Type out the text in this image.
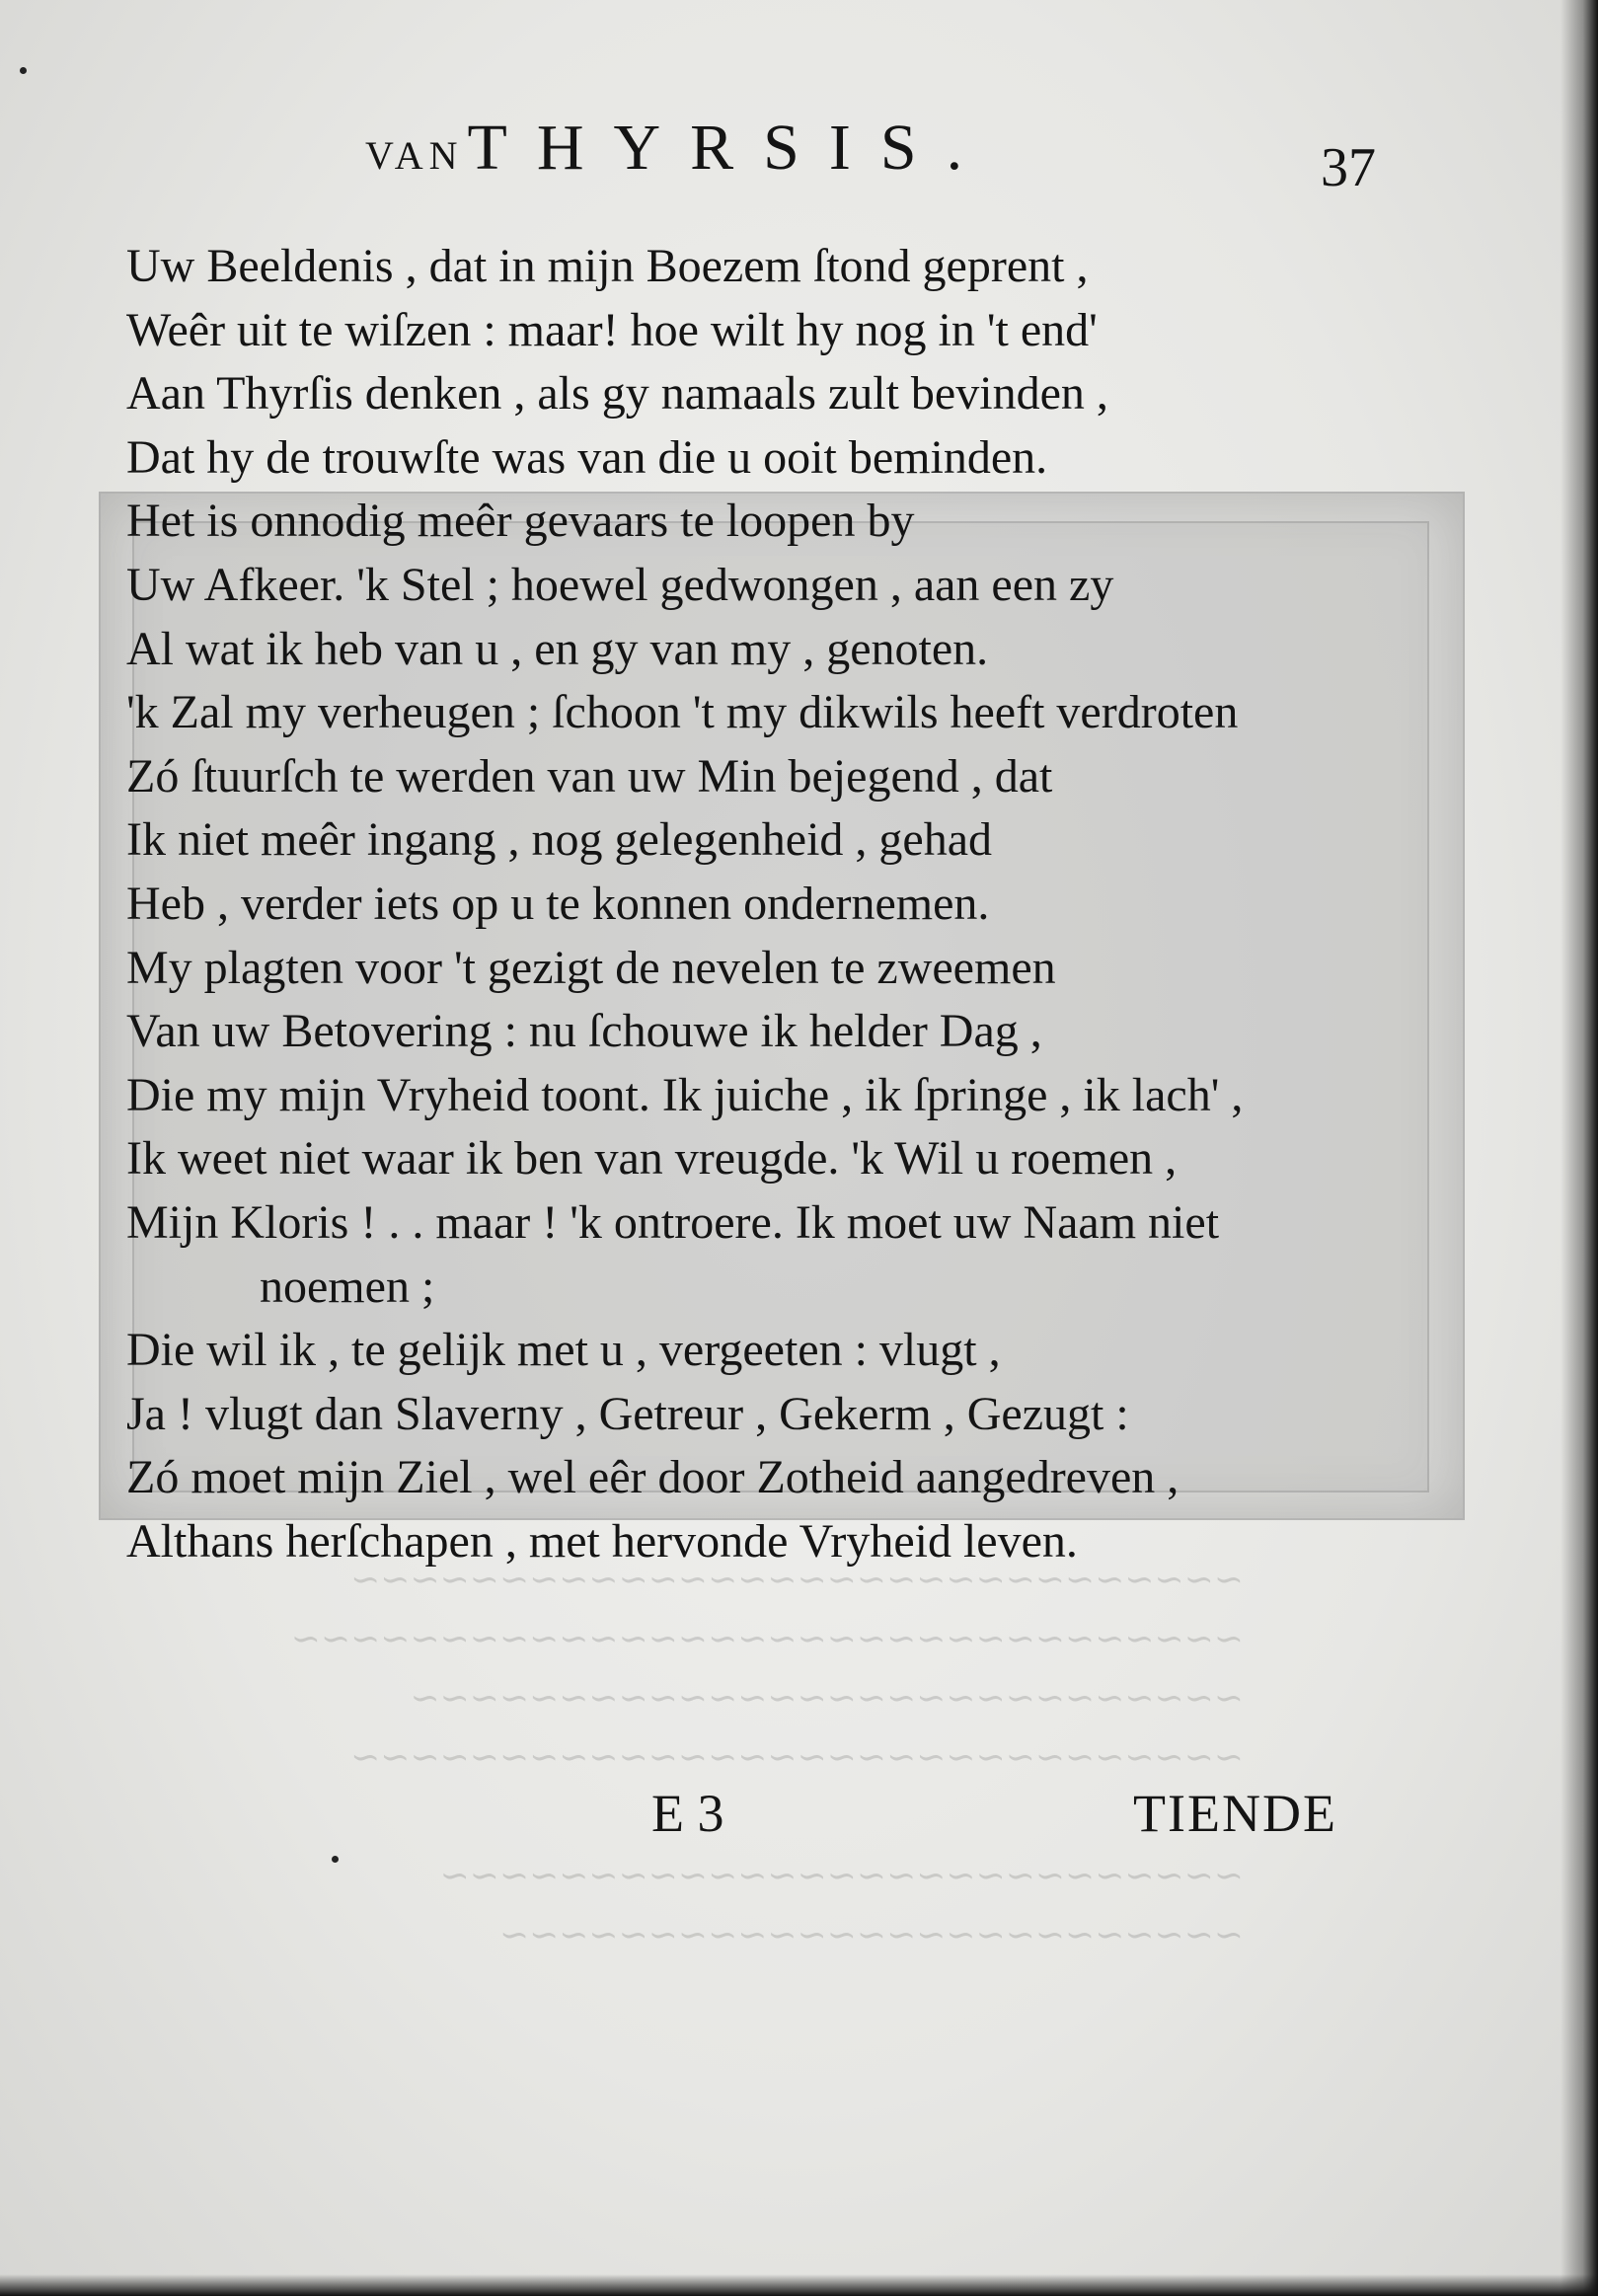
~~~~~~~~~~~~~~~~~~~~~~~~~~~~~~
~~~~~~~~~~~~~~~~~~~~~~~~~~~~~~~~
~~~~~~~~~~~~~~~~~~~~~~~~~~~~
~~~~~~~~~~~~~~~~~~~~~~~~~~~~~~
~~~~~~~~~~~~~~~~~~~~~~~~~~~
~~~~~~~~~~~~~~~~~~~~~~~~~
VAN THYRSIS.	37
Uw Beeldenis , dat in mijn Boezem ſtond geprent ,
Weêr uit te wiſzen : maar! hoe wilt hy nog in 't end'
Aan Thyrſis denken , als gy namaals zult bevinden ,
Dat hy de trouwſte was van die u ooit beminden.
Het is onnodig meêr gevaars te loopen by
Uw Afkeer. 'k Stel ; hoewel gedwongen , aan een zy
Al wat ik heb van u , en gy van my , genoten.
'k Zal my verheugen ; ſchoon 't my dikwils heeft verdroten
Zó ſtuurſch te werden van uw Min bejegend , dat
Ik niet meêr ingang , nog gelegenheid , gehad
Heb , verder iets op u te konnen ondernemen.
My plagten voor 't gezigt de nevelen te zweemen
Van uw Betovering : nu ſchouwe ik helder Dag ,
Die my mijn Vryheid toont. Ik juiche , ik ſpringe , ik lach' ,
Ik weet niet waar ik ben van vreugde. 'k Wil u roemen ,
Mijn Kloris ! . . maar ! 'k ontroere. Ik moet uw Naam niet
noemen ;
Die wil ik , te gelijk met u , vergeeten : vlugt ,
Ja ! vlugt dan Slaverny , Getreur , Gekerm , Gezugt :
Zó moet mijn Ziel , wel eêr door Zotheid aangedreven ,
Althans herſchapen , met hervonde Vryheid leven.
E 3	TIENDE
